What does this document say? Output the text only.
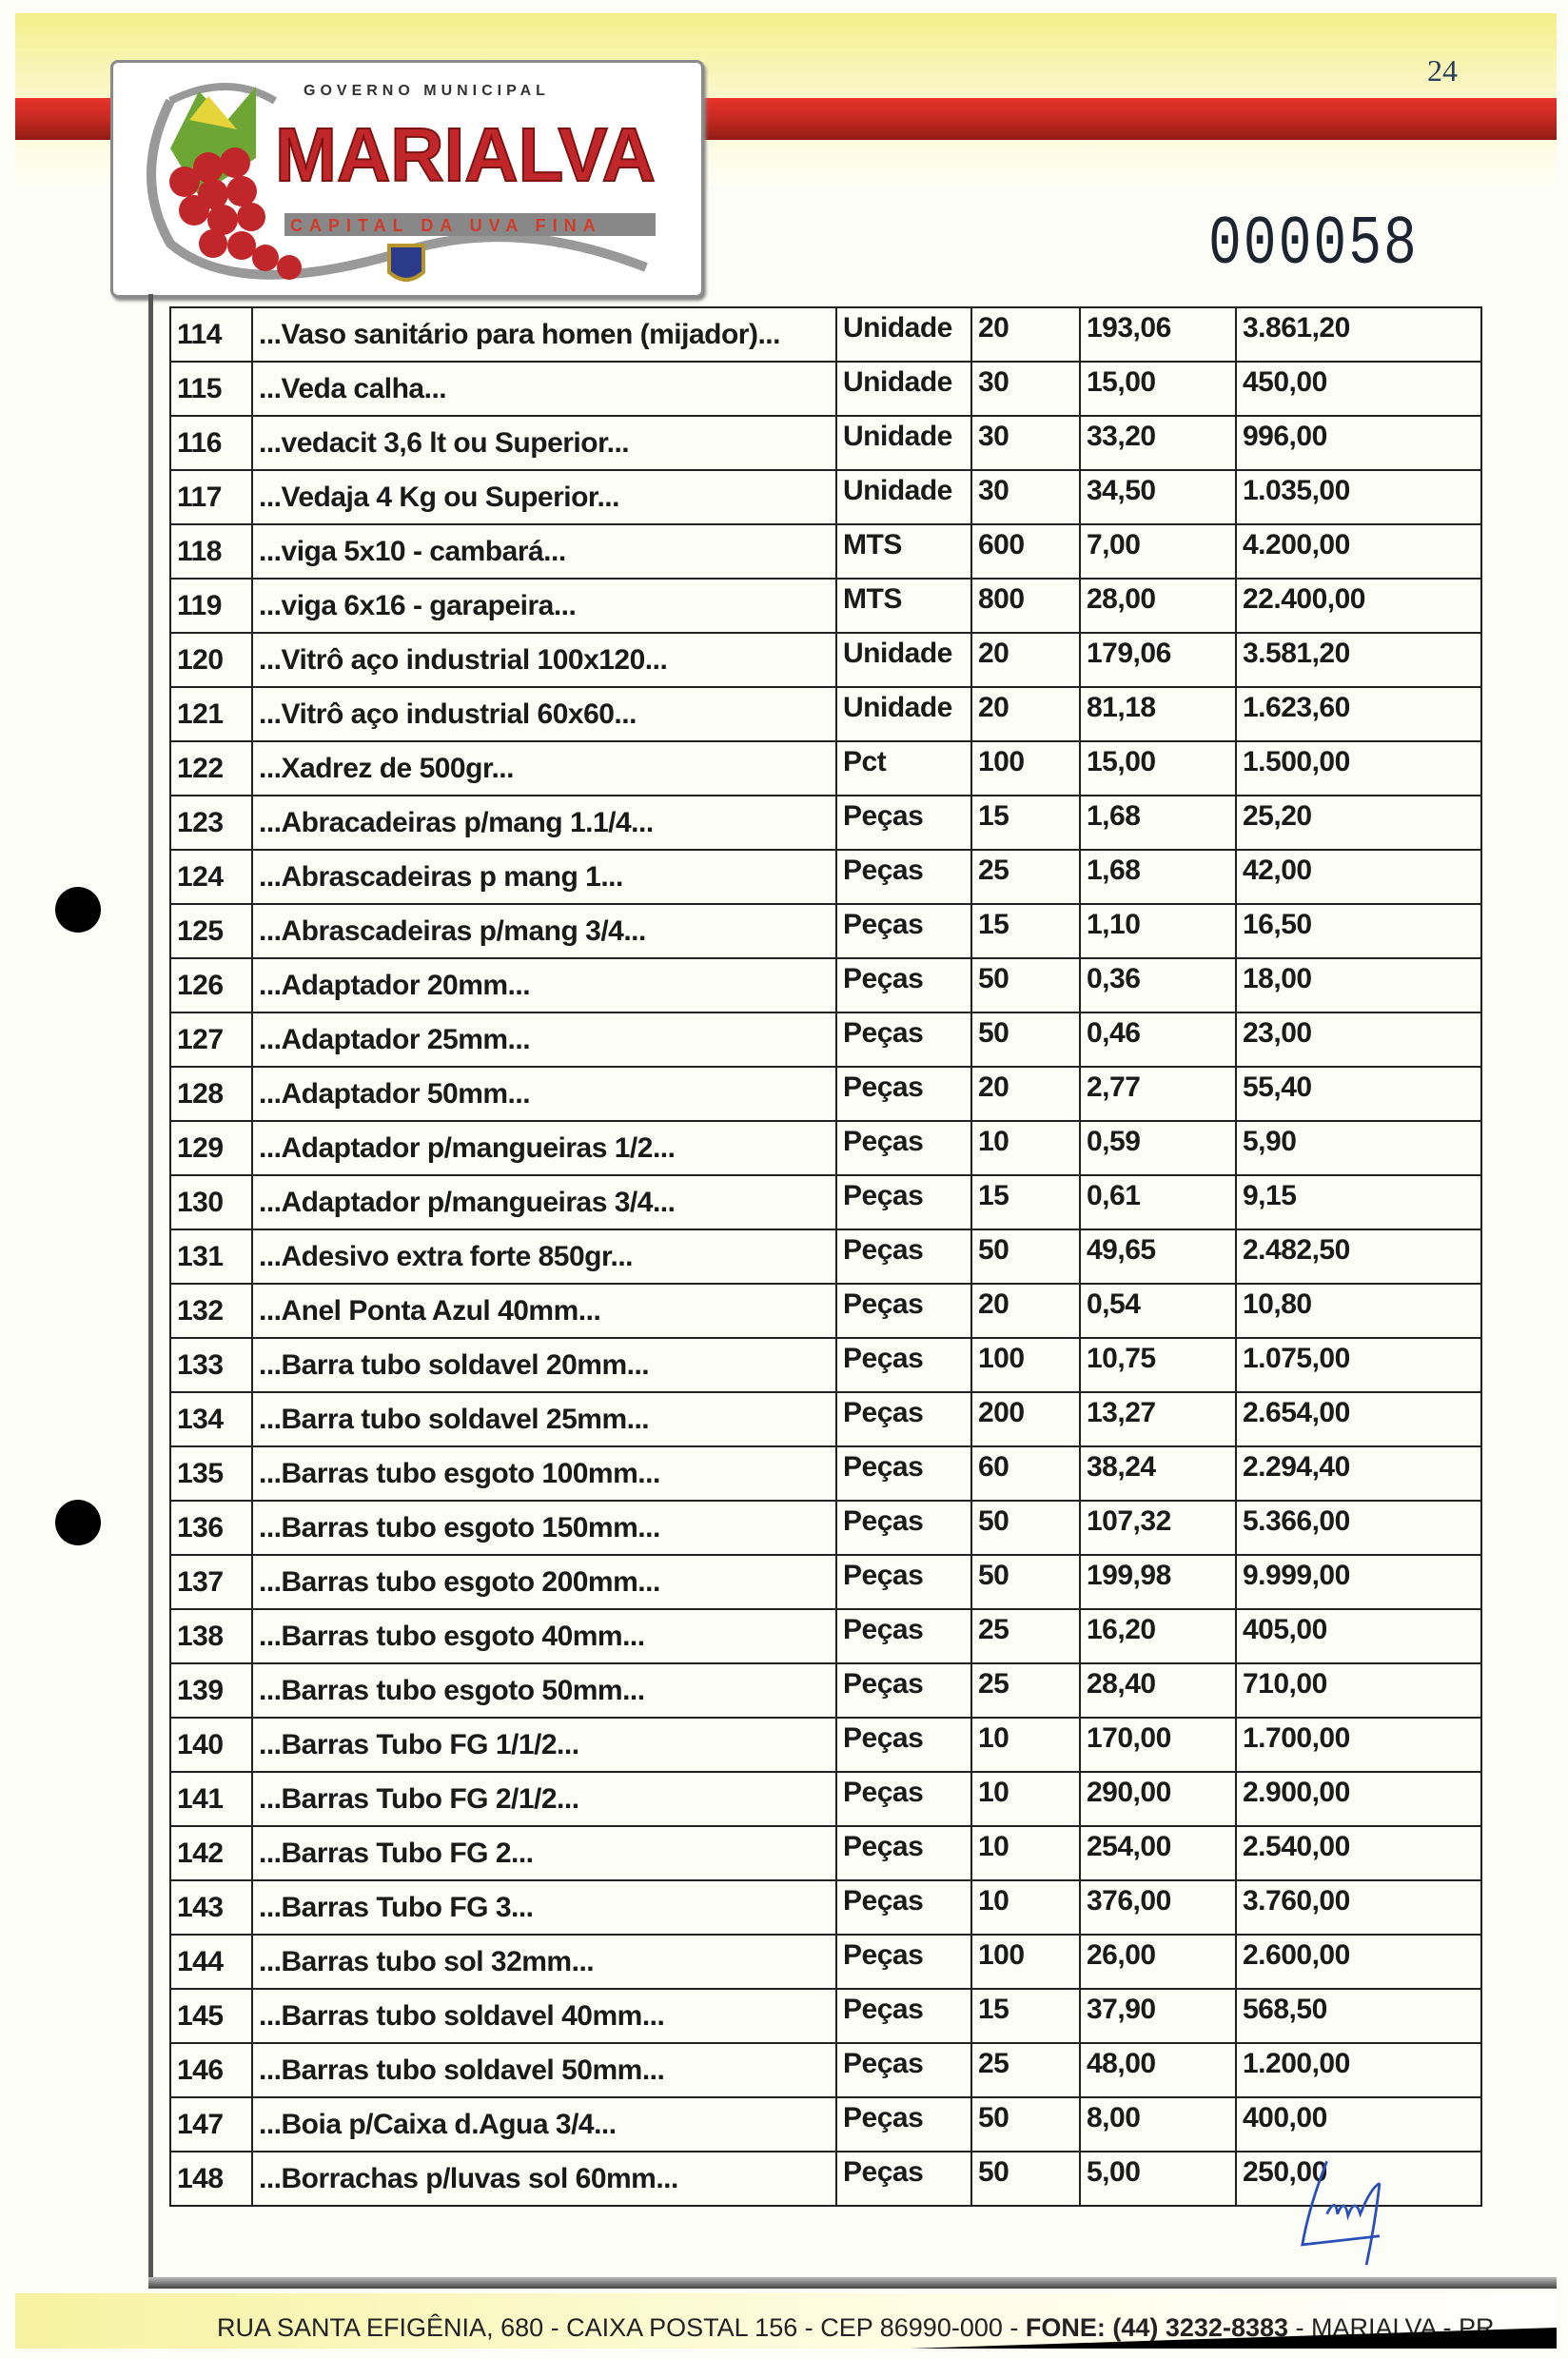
GOVERNO MUNICIPAL
MARIALVA
CAPITAL DA UVA FINA
24
000058
114	...Vaso sanitário para homen (mijador)...	Unidade	20	193,06	3.861,20
115	...Veda calha...	Unidade	30	15,00	450,00
116	...vedacit 3,6 lt ou Superior...	Unidade	30	33,20	996,00
117	...Vedaja 4 Kg ou Superior...	Unidade	30	34,50	1.035,00
118	...viga 5x10 - cambará...	MTS	600	7,00	4.200,00
119	...viga 6x16 - garapeira...	MTS	800	28,00	22.400,00
120	...Vitrô aço industrial 100x120...	Unidade	20	179,06	3.581,20
121	...Vitrô aço industrial 60x60...	Unidade	20	81,18	1.623,60
122	...Xadrez de 500gr...	Pct	100	15,00	1.500,00
123	...Abracadeiras p/mang 1.1/4...	Peças	15	1,68	25,20
124	...Abrascadeiras p mang 1...	Peças	25	1,68	42,00
125	...Abrascadeiras p/mang 3/4...	Peças	15	1,10	16,50
126	...Adaptador 20mm...	Peças	50	0,36	18,00
127	...Adaptador 25mm...	Peças	50	0,46	23,00
128	...Adaptador 50mm...	Peças	20	2,77	55,40
129	...Adaptador p/mangueiras 1/2...	Peças	10	0,59	5,90
130	...Adaptador p/mangueiras 3/4...	Peças	15	0,61	9,15
131	...Adesivo extra forte 850gr...	Peças	50	49,65	2.482,50
132	...Anel Ponta Azul 40mm...	Peças	20	0,54	10,80
133	...Barra tubo soldavel 20mm...	Peças	100	10,75	1.075,00
134	...Barra tubo soldavel 25mm...	Peças	200	13,27	2.654,00
135	...Barras tubo esgoto 100mm...	Peças	60	38,24	2.294,40
136	...Barras tubo esgoto 150mm...	Peças	50	107,32	5.366,00
137	...Barras tubo esgoto 200mm...	Peças	50	199,98	9.999,00
138	...Barras tubo esgoto 40mm...	Peças	25	16,20	405,00
139	...Barras tubo esgoto 50mm...	Peças	25	28,40	710,00
140	...Barras Tubo FG 1/1/2...	Peças	10	170,00	1.700,00
141	...Barras Tubo FG 2/1/2...	Peças	10	290,00	2.900,00
142	...Barras Tubo FG 2...	Peças	10	254,00	2.540,00
143	...Barras Tubo FG 3...	Peças	10	376,00	3.760,00
144	...Barras tubo sol 32mm...	Peças	100	26,00	2.600,00
145	...Barras tubo soldavel 40mm...	Peças	15	37,90	568,50
146	...Barras tubo soldavel 50mm...	Peças	25	48,00	1.200,00
147	...Boia p/Caixa d.Agua 3/4...	Peças	50	8,00	400,00
148	...Borrachas p/luvas sol 60mm...	Peças	50	5,00	250,00
RUA SANTA EFIGÊNIA, 680 - CAIXA POSTAL 156 - CEP 86990-000 - FONE: (44) 3232-8383 - MARIALVA - PR
